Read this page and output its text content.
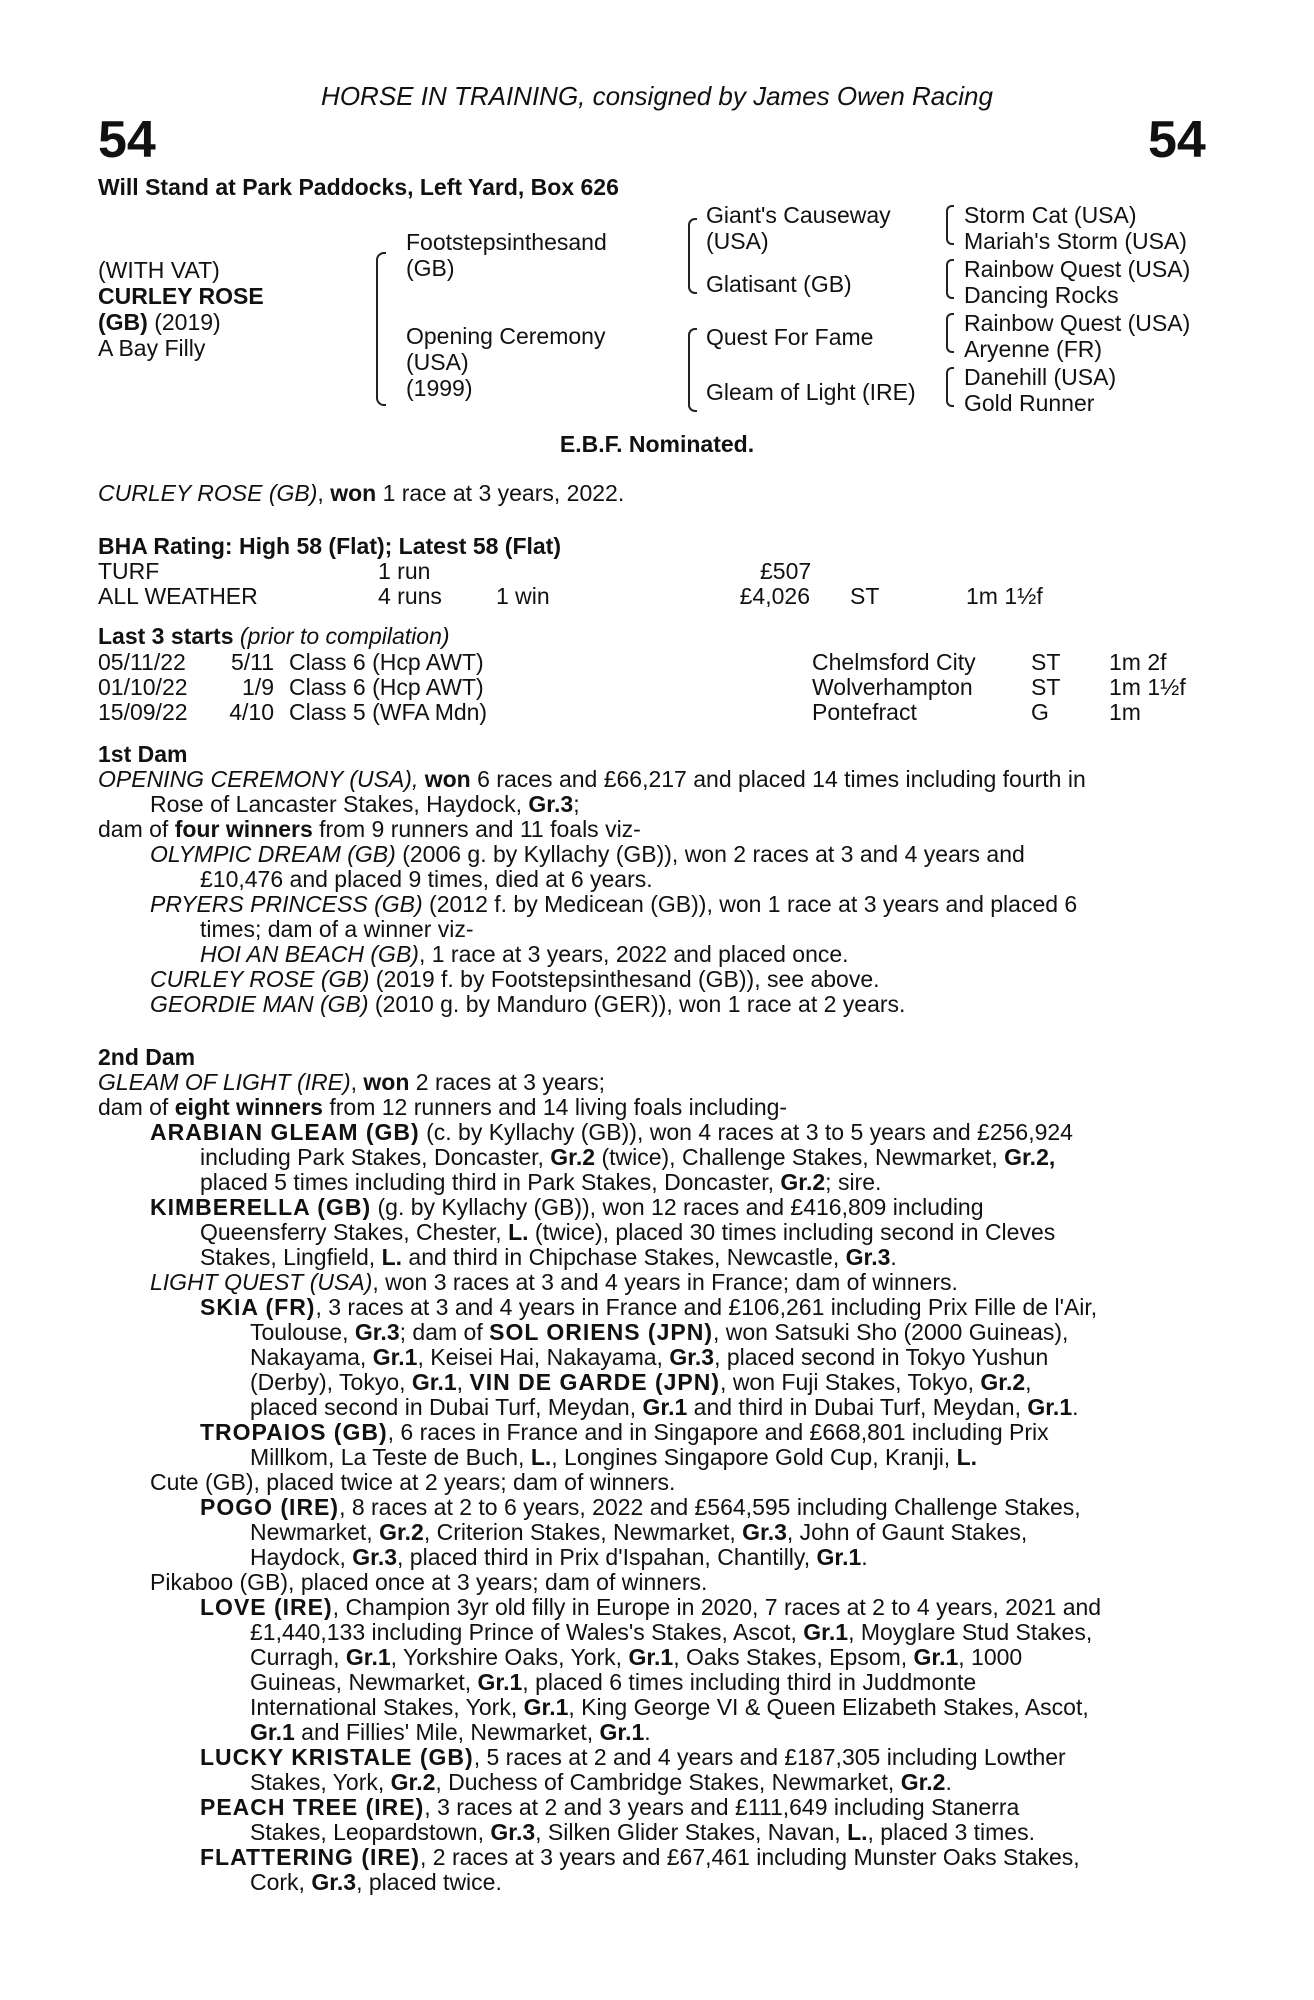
HORSE IN TRAINING, consigned by James Owen Racing
54	54
Will Stand at Park Paddocks, Left Yard, Box 626
(WITH VAT)
CURLEY ROSE
(GB) (2019)
A Bay Filly
Footstepsinthesand
(GB)
Opening Ceremony
(USA)
(1999)
Giant's Causeway
(USA)
Glatisant (GB)
Quest For Fame
Gleam of Light (IRE)
Storm Cat (USA)
Mariah's Storm (USA)
Rainbow Quest (USA)
Dancing Rocks
Rainbow Quest (USA)
Aryenne (FR)
Danehill (USA)
Gold Runner
E.B.F. Nominated.
CURLEY ROSE (GB), won 1 race at 3 years, 2022.
BHA Rating: High 58 (Flat); Latest 58 (Flat)
TURF	1 run	£507
ALL WEATHER	4 runs 1 win	£4,026 ST	1m 1½f
Last 3 starts (prior to compilation)
05/11/22	5/11 Class 6 (Hcp AWT)	Chelmsford City ST 1m 2f
01/10/22	1/9 Class 6 (Hcp AWT)	Wolverhampton	ST 1m 1½f
15/09/22	4/10 Class 5 (WFA Mdn)	Pontefract	G	1m
1st Dam
OPENING CEREMONY (USA), won 6 races and £66,217 and placed 14 times including fourth in
Rose of Lancaster Stakes, Haydock, Gr.3;
dam of four winners from 9 runners and 11 foals viz-
OLYMPIC DREAM (GB) (2006 g. by Kyllachy (GB)), won 2 races at 3 and 4 years and
£10,476 and placed 9 times, died at 6 years.
PRYERS PRINCESS (GB) (2012 f. by Medicean (GB)), won 1 race at 3 years and placed 6
times; dam of a winner viz-
HOI AN BEACH (GB), 1 race at 3 years, 2022 and placed once.
CURLEY ROSE (GB) (2019 f. by Footstepsinthesand (GB)), see above.
GEORDIE MAN (GB) (2010 g. by Manduro (GER)), won 1 race at 2 years.
2nd Dam
GLEAM OF LIGHT (IRE), won 2 races at 3 years;
dam of eight winners from 12 runners and 14 living foals including-
ARABIAN GLEAM (GB) (c. by Kyllachy (GB)), won 4 races at 3 to 5 years and £256,924
including Park Stakes, Doncaster, Gr.2 (twice), Challenge Stakes, Newmarket, Gr.2,
placed 5 times including third in Park Stakes, Doncaster, Gr.2; sire.
KIMBERELLA (GB) (g. by Kyllachy (GB)), won 12 races and £416,809 including
Queensferry Stakes, Chester, L. (twice), placed 30 times including second in Cleves
Stakes, Lingfield, L. and third in Chipchase Stakes, Newcastle, Gr.3.
LIGHT QUEST (USA), won 3 races at 3 and 4 years in France; dam of winners.
SKIA (FR), 3 races at 3 and 4 years in France and £106,261 including Prix Fille de l'Air,
Toulouse, Gr.3; dam of SOL ORIENS (JPN), won Satsuki Sho (2000 Guineas),
Nakayama, Gr.1, Keisei Hai, Nakayama, Gr.3, placed second in Tokyo Yushun
(Derby), Tokyo, Gr.1, VIN DE GARDE (JPN), won Fuji Stakes, Tokyo, Gr.2,
placed second in Dubai Turf, Meydan, Gr.1 and third in Dubai Turf, Meydan, Gr.1.
TROPAIOS (GB), 6 races in France and in Singapore and £668,801 including Prix
Millkom, La Teste de Buch, L., Longines Singapore Gold Cup, Kranji, L.
Cute (GB), placed twice at 2 years; dam of winners.
POGO (IRE), 8 races at 2 to 6 years, 2022 and £564,595 including Challenge Stakes,
Newmarket, Gr.2, Criterion Stakes, Newmarket, Gr.3, John of Gaunt Stakes,
Haydock, Gr.3, placed third in Prix d'Ispahan, Chantilly, Gr.1.
Pikaboo (GB), placed once at 3 years; dam of winners.
LOVE (IRE), Champion 3yr old filly in Europe in 2020, 7 races at 2 to 4 years, 2021 and
£1,440,133 including Prince of Wales's Stakes, Ascot, Gr.1, Moyglare Stud Stakes,
Curragh, Gr.1, Yorkshire Oaks, York, Gr.1, Oaks Stakes, Epsom, Gr.1, 1000
Guineas, Newmarket, Gr.1, placed 6 times including third in Juddmonte
International Stakes, York, Gr.1, King George VI & Queen Elizabeth Stakes, Ascot,
Gr.1 and Fillies' Mile, Newmarket, Gr.1.
LUCKY KRISTALE (GB), 5 races at 2 and 4 years and £187,305 including Lowther
Stakes, York, Gr.2, Duchess of Cambridge Stakes, Newmarket, Gr.2.
PEACH TREE (IRE), 3 races at 2 and 3 years and £111,649 including Stanerra
Stakes, Leopardstown, Gr.3, Silken Glider Stakes, Navan, L., placed 3 times.
FLATTERING (IRE), 2 races at 3 years and £67,461 including Munster Oaks Stakes,
Cork, Gr.3, placed twice.
